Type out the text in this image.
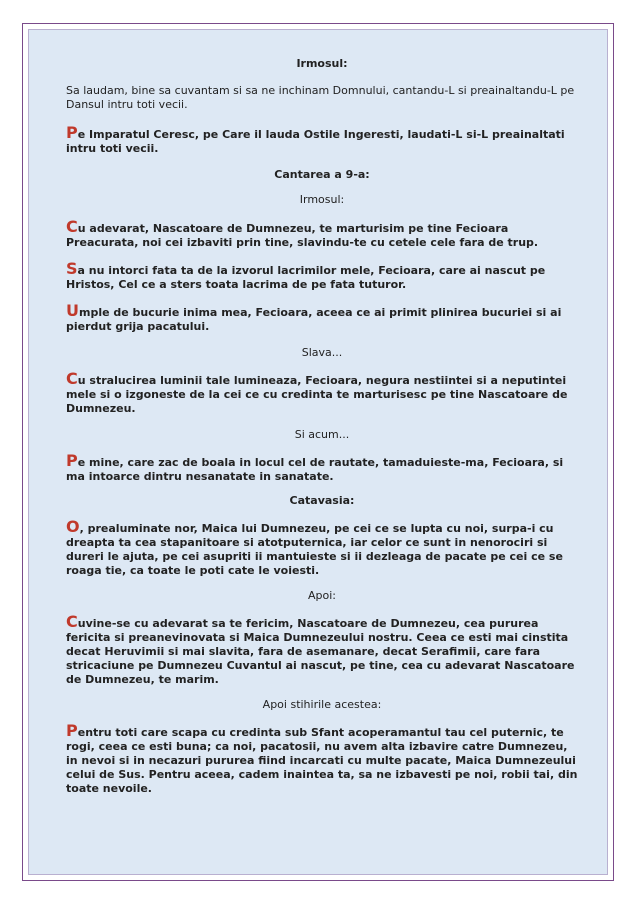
Irmosul:

Sa laudam, bine sa cuvantam si sa ne inchinam Domnului, cantandu-L si preainaltandu-L pe Dansul intru toti vecii.

Pe Imparatul Ceresc, pe Care il lauda Ostile Ingeresti, laudati-L si-L preainaltati intru toti vecii.

Cantarea a 9-a:

Irmosul:

Cu adevarat, Nascatoare de Dumnezeu, te marturisim pe tine Fecioara Preacurata, noi cei izbaviti prin tine, slavindu-te cu cetele cele fara de trup.

Sa nu intorci fata ta de la izvorul lacrimilor mele, Fecioara, care ai nascut pe Hristos, Cel ce a sters toata lacrima de pe fata tuturor.

Umple de bucurie inima mea, Fecioara, aceea ce ai primit plinirea bucuriei si ai pierdut grija pacatului.

Slava...

Cu stralucirea luminii tale lumineaza, Fecioara, negura nestiintei si a neputintei mele si o izgoneste de la cei ce cu credinta te marturisesc pe tine Nascatoare de Dumnezeu.

Si acum...

Pe mine, care zac de boala in locul cel de rautate, tamaduieste-ma, Fecioara, si ma intoarce dintru nesanatate in sanatate.

Catavasia:

O, prealuminate nor, Maica lui Dumnezeu, pe cei ce se lupta cu noi, surpa-i cu dreapta ta cea stapanitoare si atotputernica, iar celor ce sunt in nenorociri si dureri le ajuta, pe cei asupriti ii mantuieste si ii dezleaga de pacate pe cei ce se roaga tie, ca toate le poti cate le voiesti.

Apoi:

Cuvine-se cu adevarat sa te fericim, Nascatoare de Dumnezeu, cea pururea fericita si preanevinovata si Maica Dumnezeului nostru. Ceea ce esti mai cinstita decat Heruvimii si mai slavita, fara de asemanare, decat Serafimii, care fara stricaciune pe Dumnezeu Cuvantul ai nascut, pe tine, cea cu adevarat Nascatoare de Dumnezeu, te marim.

Apoi stihirile acestea:

Pentru toti care scapa cu credinta sub Sfant acoperamantul tau cel puternic, te rogi, ceea ce esti buna; ca noi, pacatosii, nu avem alta izbavire catre Dumnezeu, in nevoi si in necazuri pururea fiind incarcati cu multe pacate, Maica Dumnezeului celui de Sus. Pentru aceea, cadem inaintea ta, sa ne izbavesti pe noi, robii tai, din toate nevoile.
